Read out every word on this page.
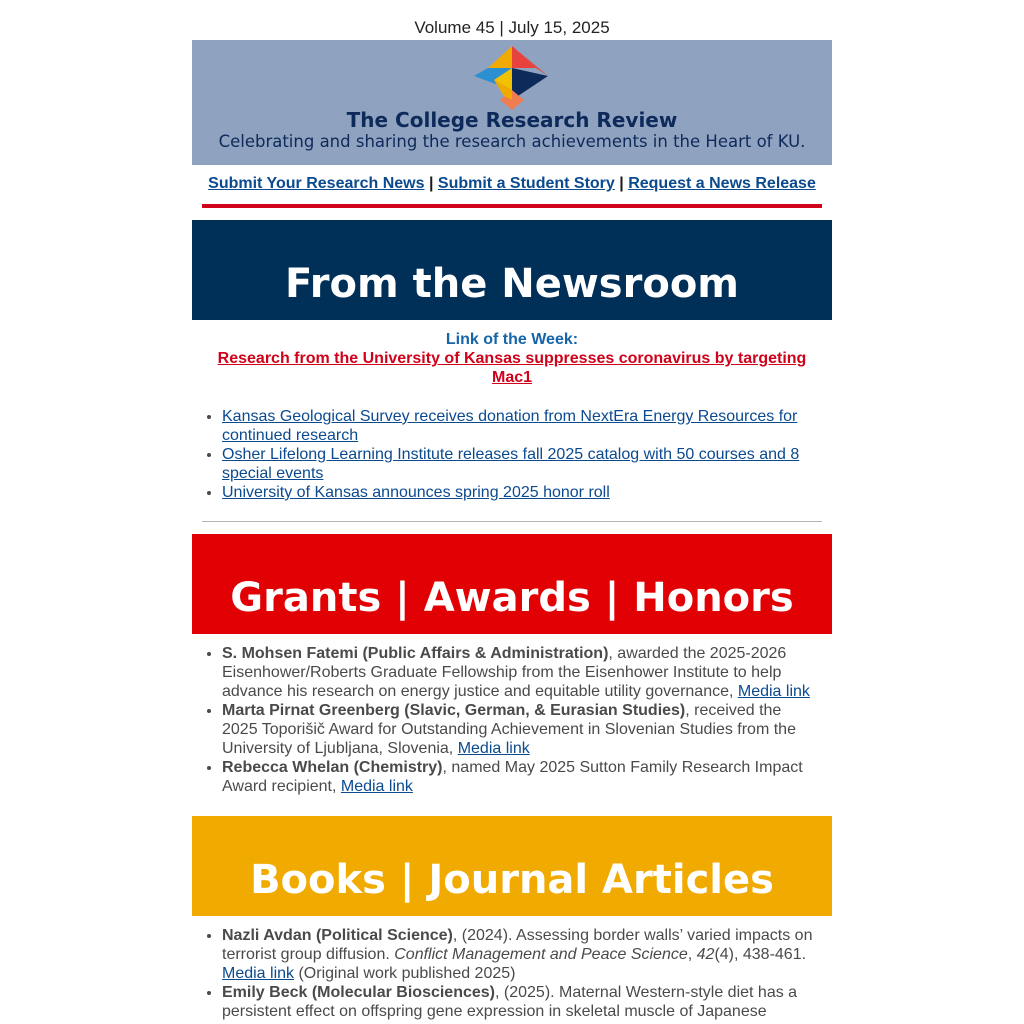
Volume 45 | July 15, 2025
The College Research Review
Celebrating and sharing the research achievements in the Heart of KU.
Submit Your Research News | Submit a Student Story | Request a News Release
From the Newsroom
Link of the Week:
Research from the University of Kansas suppresses coronavirus by targeting Mac1
• Kansas Geological Survey receives donation from NextEra Energy Resources for continued research
• Osher Lifelong Learning Institute releases fall 2025 catalog with 50 courses and 8 special events
• University of Kansas announces spring 2025 honor roll
Grants | Awards | Honors
• S. Mohsen Fatemi (Public Affairs & Administration), awarded the 2025-2026 Eisenhower/Roberts Graduate Fellowship from the Eisenhower Institute to help advance his research on energy justice and equitable utility governance, Media link
• Marta Pirnat Greenberg (Slavic, German, & Eurasian Studies), received the 2025 Toporišič Award for Outstanding Achievement in Slovenian Studies from the University of Ljubljana, Slovenia, Media link
• Rebecca Whelan (Chemistry), named May 2025 Sutton Family Research Impact Award recipient, Media link
Books | Journal Articles
• Nazli Avdan (Political Science), (2024). Assessing border walls’ varied impacts on terrorist group diffusion. Conflict Management and Peace Science, 42(4), 438-461. Media link (Original work published 2025)
• Emily Beck (Molecular Biosciences), (2025). Maternal Western-style diet has a persistent effect on offspring gene expression in skeletal muscle of Japanese
